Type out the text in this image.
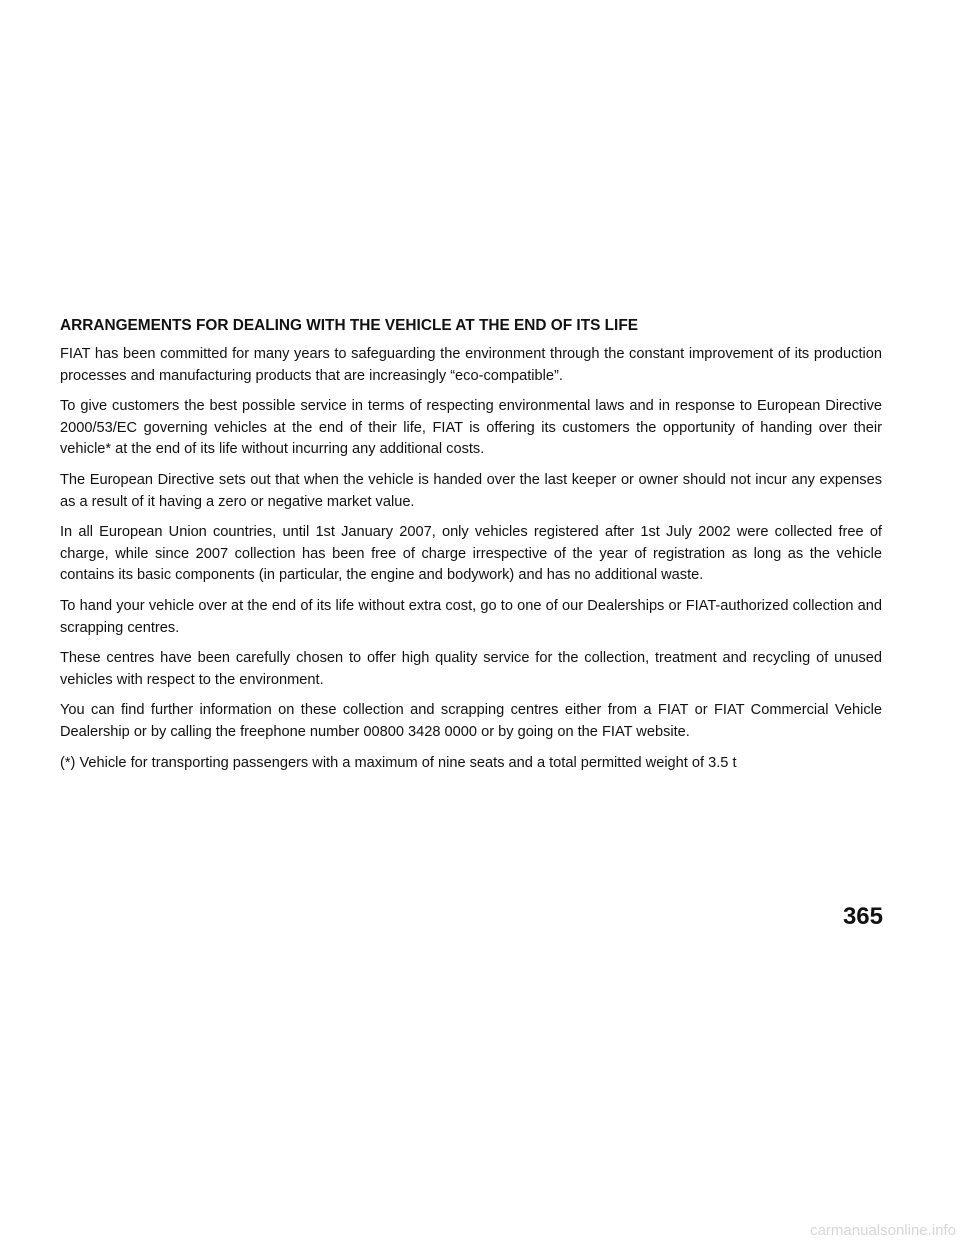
ARRANGEMENTS FOR DEALING WITH THE VEHICLE AT THE END OF ITS LIFE

FIAT has been committed for many years to safeguarding the environment through the constant improvement of its production processes and manufacturing products that are increasingly “eco-compatible”.

To give customers the best possible service in terms of respecting environmental laws and in response to European Directive 2000/53/EC governing vehicles at the end of their life, FIAT is offering its customers the opportunity of handing over their vehicle* at the end of its life without incurring any additional costs.

The European Directive sets out that when the vehicle is handed over the last keeper or owner should not incur any expenses as a result of it having a zero or negative market value.

In all European Union countries, until 1st January 2007, only vehicles registered after 1st July 2002 were collected free of charge, while since 2007 collection has been free of charge irrespective of the year of registration as long as the vehicle contains its basic components (in particular, the engine and bodywork) and has no additional waste.

To hand your vehicle over at the end of its life without extra cost, go to one of our Dealerships or FIAT-authorized collection and scrapping centres.

These centres have been carefully chosen to offer high quality service for the collection, treatment and recycling of unused vehicles with respect to the environment.

You can find further information on these collection and scrapping centres either from a FIAT or FIAT Commercial Vehicle Dealership or by calling the freephone number 00800 3428 0000 or by going on the FIAT website.

(*) Vehicle for transporting passengers with a maximum of nine seats and a total permitted weight of 3.5 t

365
carmanualsonline.info
